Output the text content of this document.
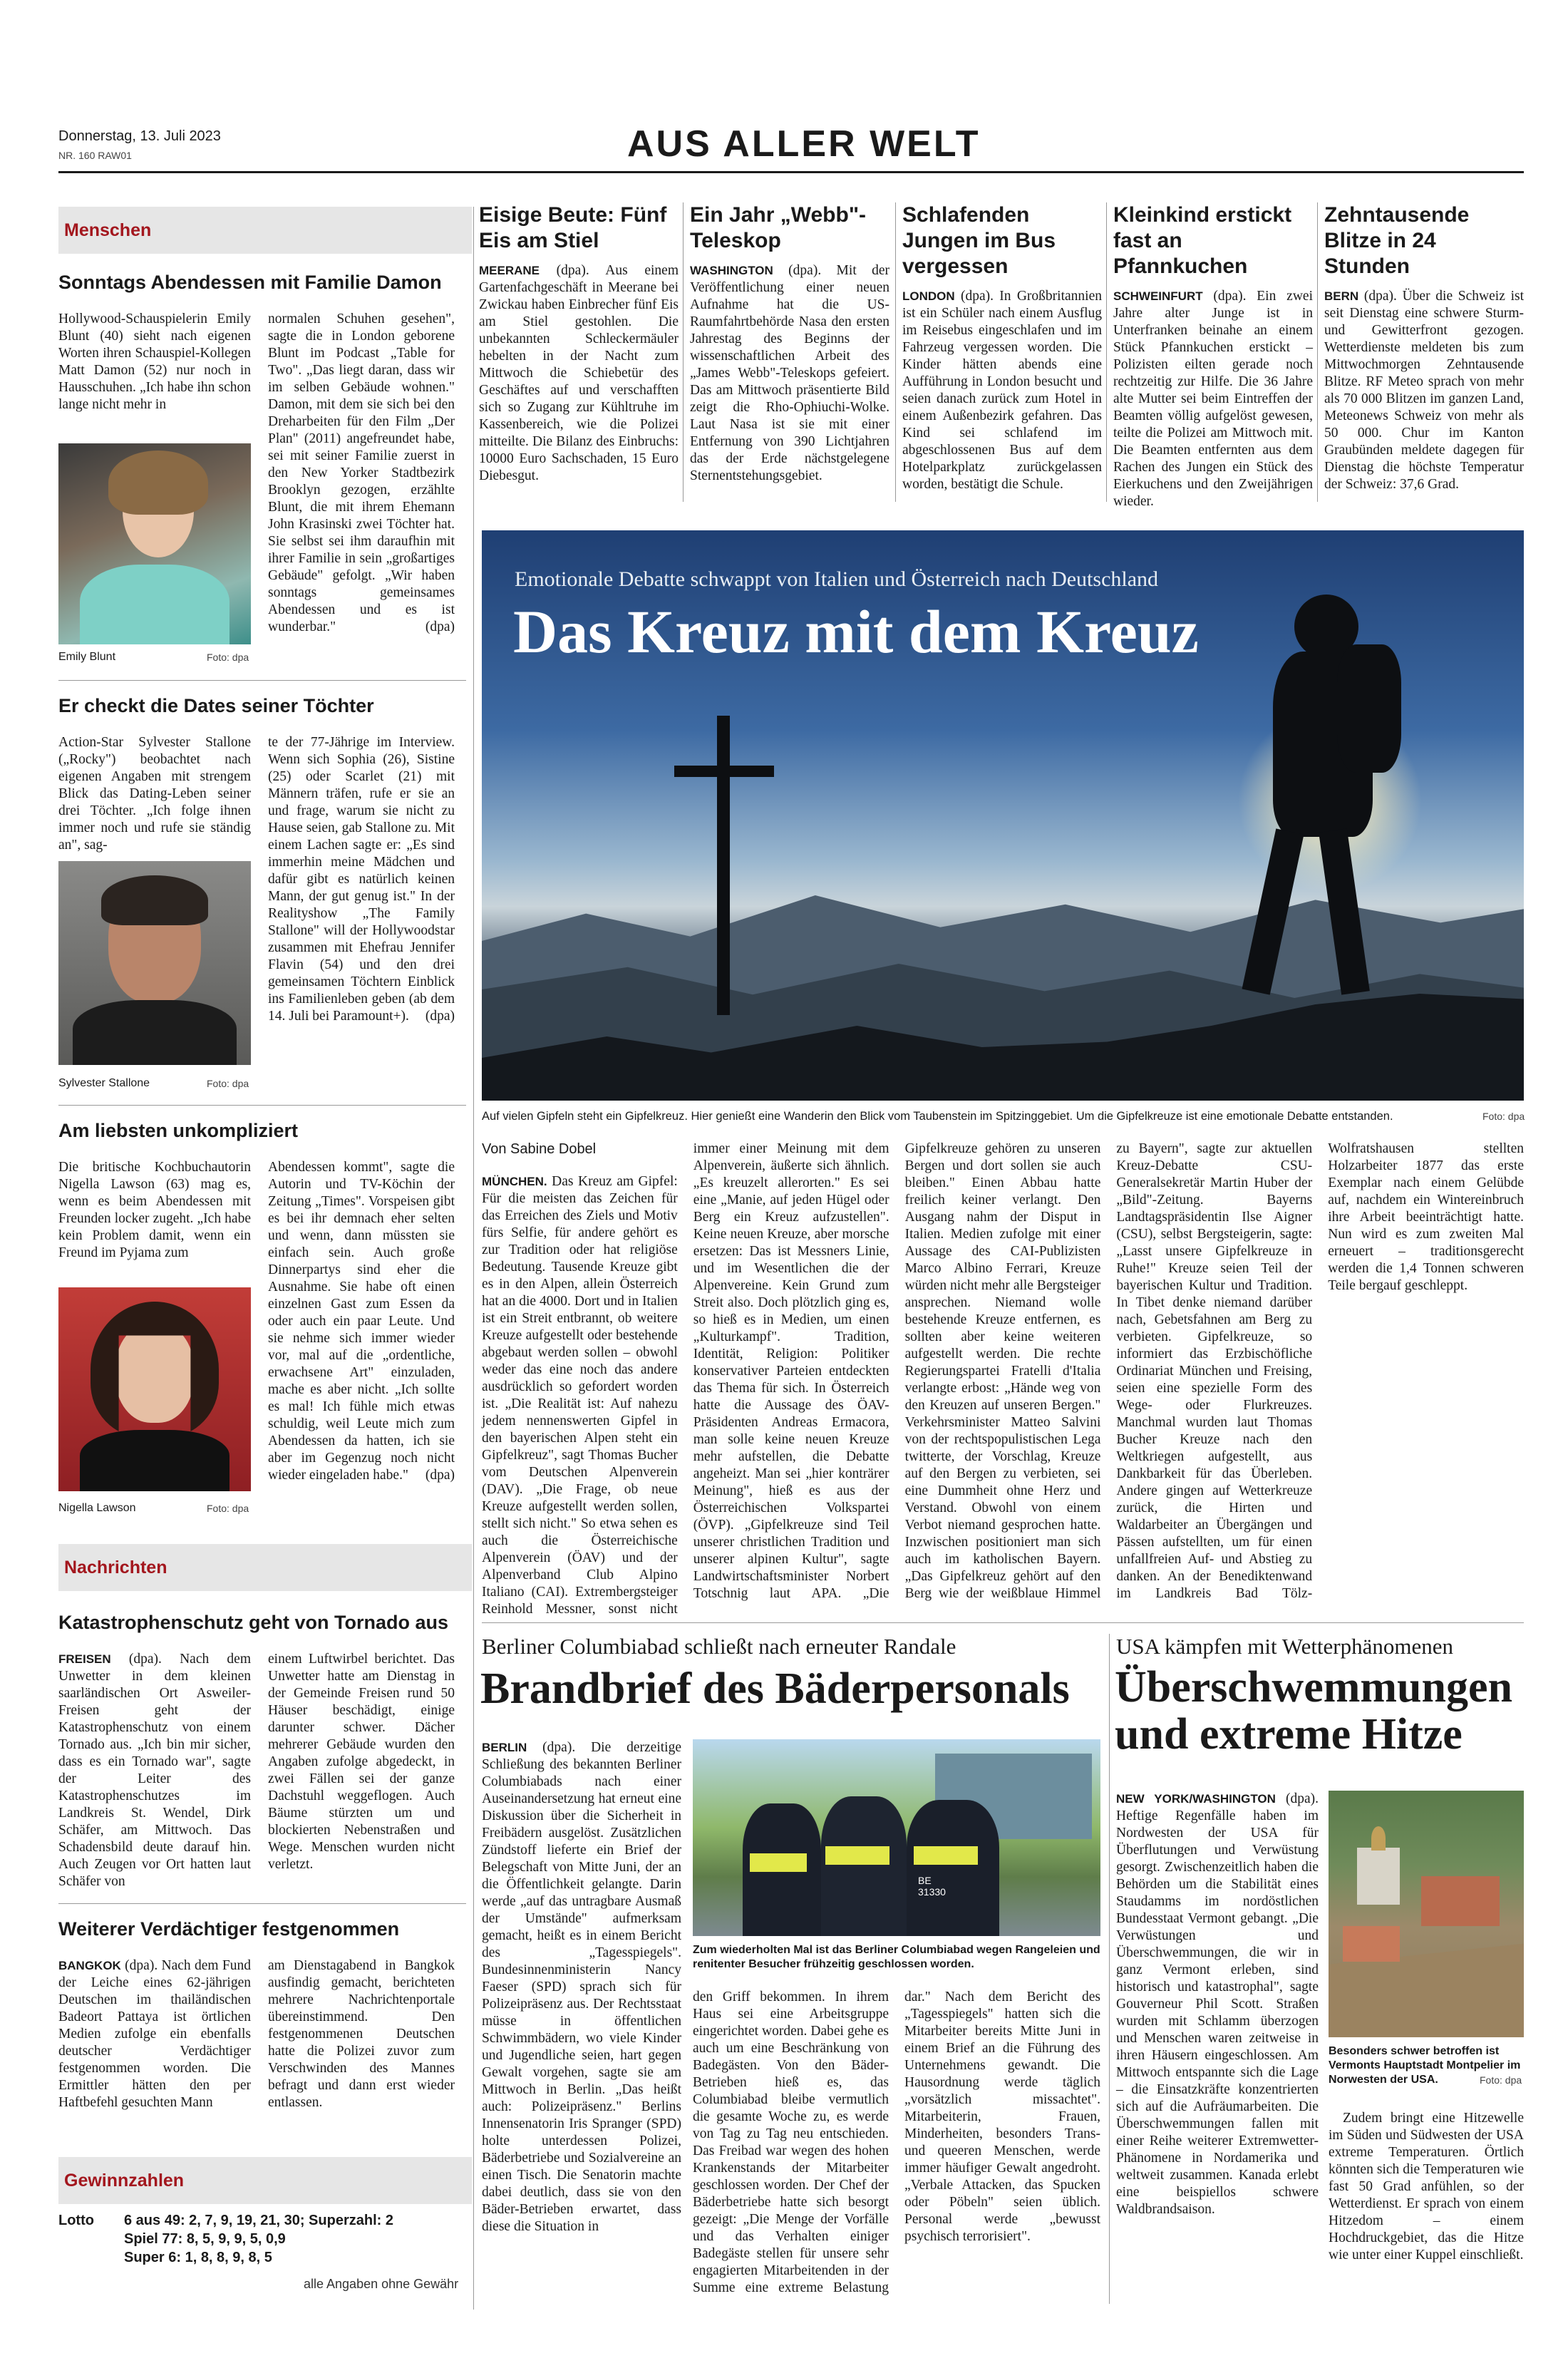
Donnerstag, 13. Juli 2023
NR. 160 RAW01	AUS ALLER WELT
Menschen
Sonntags Abendessen mit Familie Damon
Hollywood-Schauspielerin Emily Blunt (40) sieht nach eigenen Worten ihren Schauspiel-Kollegen Matt Damon (52) nur noch in Hausschuhen. „Ich habe ihn schon lange nicht mehr in
Emily Blunt	Foto: dpa
normalen Schuhen gesehen", sagte die in London geborene Blunt im Podcast „Table for Two". „Das liegt daran, dass wir im selben Gebäude wohnen." Damon, mit dem sie sich bei den Dreharbeiten für den Film „Der Plan" (2011) angefreundet habe, sei mit seiner Familie zuerst in den New Yorker Stadtbezirk Brooklyn gezogen, erzählte Blunt, die mit ihrem Ehemann John Krasinski zwei Töchter hat. Sie selbst sei ihm daraufhin mit ihrer Familie in sein „großartiges Gebäude" gefolgt. „Wir haben sonntags gemeinsames Abendessen und es ist wunderbar."	(dpa)
Er checkt die Dates seiner Töchter
Action-Star Sylvester Stallone („Rocky") beobachtet nach eigenen Angaben mit strengem Blick das Dating-Leben seiner drei Töchter. „Ich folge ihnen immer noch und rufe sie ständig an", sag-
Sylvester Stallone	Foto: dpa
te der 77-Jährige im Interview. Wenn sich Sophia (26), Sistine (25) oder Scarlet (21) mit Männern träfen, rufe er sie an und frage, warum sie nicht zu Hause seien, gab Stallone zu. Mit einem Lachen sagte er: „Es sind immerhin meine Mädchen und dafür gibt es natürlich keinen Mann, der gut genug ist." In der Realityshow „The Family Stallone" will der Hollywoodstar zusammen mit Ehefrau Jennifer Flavin (54) und den drei gemeinsamen Töchtern Einblick ins Familienleben geben (ab dem 14. Juli bei Paramount+). (dpa)
Am liebsten unkompliziert
Die britische Kochbuchautorin Nigella Lawson (63) mag es, wenn es beim Abendessen mit Freunden locker zugeht. „Ich habe kein Problem damit, wenn ein Freund im Pyjama zum
Nigella Lawson	Foto: dpa
Abendessen kommt", sagte die Autorin und TV-Köchin der Zeitung „Times". Vorspeisen gibt es bei ihr demnach eher selten und wenn, dann müssten sie einfach sein. Auch große Dinnerpartys sind eher die Ausnahme. Sie habe oft einen einzelnen Gast zum Essen da oder auch ein paar Leute. Und sie nehme sich immer wieder vor, mal auf die „ordentliche, erwachsene Art" einzuladen, mache es aber nicht. „Ich sollte es mal! Ich fühle mich etwas schuldig, weil Leute mich zum Abendessen da hatten, ich sie aber im Gegenzug noch nicht wieder eingeladen habe." (dpa)
Nachrichten
Katastrophenschutz geht von Tornado aus
FREISEN (dpa). Nach dem Unwetter in dem kleinen saarländischen Ort Asweiler-Freisen geht der Katastrophenschutz von einem Tornado aus. „Ich bin mir sicher, dass es ein Tornado war", sagte der Leiter des Katastrophenschutzes im Landkreis St. Wendel, Dirk Schäfer, am Mittwoch. Das Schadensbild deute darauf hin. Auch Zeugen vor Ort hatten laut Schäfer von
einem Luftwirbel berichtet. Das Unwetter hatte am Dienstag in der Gemeinde Freisen rund 50 Häuser beschädigt, einige darunter schwer. Dächer mehrerer Gebäude wurden den Angaben zufolge abgedeckt, in zwei Fällen sei der ganze Dachstuhl weggeflogen. Auch Bäume stürzten um und blockierten Nebenstraßen und Wege. Menschen wurden nicht verletzt.
Weiterer Verdächtiger festgenommen
BANGKOK (dpa). Nach dem Fund der Leiche eines 62-jährigen Deutschen im thailändischen Badeort Pattaya ist örtlichen Medien zufolge ein ebenfalls deutscher Verdächtiger festgenommen worden. Die Ermittler hätten den per Haftbefehl gesuchten Mann
am Dienstagabend in Bangkok ausfindig gemacht, berichteten mehrere Nachrichtenportale übereinstimmend. Den festgenommenen Deutschen hatte die Polizei zuvor zum Verschwinden des Mannes befragt und dann erst wieder entlassen.
Gewinnzahlen
Lotto 6 aus 49: 2, 7, 9, 19, 21, 30; Superzahl: 2
Spiel 77: 8, 5, 9, 9, 5, 0,9
Super 6: 1, 8, 8, 9, 8, 5
alle Angaben ohne Gewähr
Eisige Beute: Fünf Eis am Stiel
MEERANE (dpa). Aus einem Gartenfachgeschäft in Meerane bei Zwickau haben Einbrecher fünf Eis am Stiel gestohlen. Die unbekannten Schleckermäuler hebelten in der Nacht zum Mittwoch die Schiebetür des Geschäftes auf und verschafften sich so Zugang zur Kühltruhe im Kassenbereich, wie die Polizei mitteilte. Die Bilanz des Einbruchs: 10000 Euro Sachschaden, 15 Euro Diebesgut.
Ein Jahr „Webb"-Teleskop
WASHINGTON (dpa). Mit der Veröffentlichung einer neuen Aufnahme hat die US-Raumfahrtbehörde Nasa den ersten Jahrestag des Beginns der wissenschaftlichen Arbeit des „James Webb"-Teleskops gefeiert. Das am Mittwoch präsentierte Bild zeigt die Rho-Ophiuchi-Wolke. Laut Nasa ist sie mit einer Entfernung von 390 Lichtjahren das der Erde nächstgelegene Sternentstehungsgebiet.
Schlafenden Jungen im Bus vergessen
LONDON (dpa). In Großbritannien ist ein Schüler nach einem Ausflug im Reisebus eingeschlafen und im Fahrzeug vergessen worden. Die Kinder hätten abends eine Aufführung in London besucht und seien danach zurück zum Hotel in einem Außenbezirk gefahren. Das Kind sei schlafend im abgeschlossenen Bus auf dem Hotelparkplatz zurückgelassen worden, bestätigt die Schule.
Kleinkind erstickt fast an Pfannkuchen
SCHWEINFURT (dpa). Ein zwei Jahre alter Junge ist in Unterfranken beinahe an einem Stück Pfannkuchen erstickt – Polizisten eilten gerade noch rechtzeitig zur Hilfe. Die 36 Jahre alte Mutter sei beim Eintreffen der Beamten völlig aufgelöst gewesen, teilte die Polizei am Mittwoch mit. Die Beamten entfernten aus dem Rachen des Jungen ein Stück des Eierkuchens und den Zweijährigen wieder.
Zehntausende Blitze in 24 Stunden
BERN (dpa). Über die Schweiz ist seit Dienstag eine schwere Sturm- und Gewitterfront gezogen. Wetterdienste meldeten bis zum Mittwochmorgen Zehntausende Blitze. RF Meteo sprach von mehr als 70 000 Blitzen im ganzen Land, Meteonews Schweiz von mehr als 50 000. Chur im Kanton Graubünden meldete dagegen für Dienstag die höchste Temperatur der Schweiz: 37,6 Grad.
Emotionale Debatte schwappt von Italien und Österreich nach Deutschland
Das Kreuz mit dem Kreuz
Auf vielen Gipfeln steht ein Gipfelkreuz. Hier genießt eine Wanderin den Blick vom Taubenstein im Spitzinggebiet. Um die Gipfelkreuze ist eine emotionale Debatte entstanden.	Foto: dpa
Von Sabine Dobel
MÜNCHEN. Das Kreuz am Gipfel: Für die meisten das Zeichen für das Erreichen des Ziels und Motiv fürs Selfie, für andere gehört es zur Tradition oder hat religiöse Bedeutung. Tausende Kreuze gibt es in den Alpen, allein Österreich hat an die 4000. Dort und in Italien ist ein Streit entbrannt, ob weitere Kreuze aufgestellt oder bestehende abgebaut werden sollen – obwohl weder das eine noch das andere ausdrücklich so gefordert worden ist. „Die Realität ist: Auf nahezu jedem nennenswerten Gipfel in den bayerischen Alpen steht ein Gipfelkreuz", sagt Thomas Bucher vom Deutschen Alpenverein (DAV). „Die Frage, ob neue Kreuze aufgestellt werden sollen, stellt sich nicht." So etwa sehen es auch die Österreichische Alpenverein (ÖAV) und der Alpenverband Club Alpino Italiano (CAI). Extrembergsteiger Reinhold Messner, sonst nicht immer einer Meinung mit dem Alpenverein, äußerte sich ähnlich. „Es kreuzelt allerorten." Es sei eine „Manie, auf jeden Hügel oder Berg ein Kreuz aufzustellen". Keine neuen Kreuze, aber morsche ersetzen: Das ist Messners Linie, und im Wesentlichen die der Alpenvereine. Kein Grund zum Streit also. Doch plötzlich ging es, so hieß es in Medien, um einen „Kulturkampf". Tradition, Identität, Religion: Politiker konservativer Parteien entdeckten das Thema für sich. In Österreich hatte die Aussage des ÖAV-Präsidenten Andreas Ermacora, man solle keine neuen Kreuze mehr aufstellen, die Debatte angeheizt. Man sei „hier konträrer Meinung", hieß es aus der Österreichischen Volkspartei (ÖVP). „Gipfelkreuze sind Teil unserer christlichen Tradition und unserer alpinen Kultur", sagte Landwirtschaftsminister Norbert Totschnig laut APA. „Die Gipfelkreuze gehören zu unseren Bergen und dort sollen sie auch bleiben." Einen Abbau hatte freilich keiner verlangt. Den Ausgang nahm der Disput in Italien. Medien zufolge mit einer Aussage des CAI-Publizisten Marco Albino Ferrari, Kreuze würden nicht mehr alle Bergsteiger ansprechen. Niemand wolle bestehende Kreuze entfernen, es sollten aber keine weiteren aufgestellt werden. Die rechte Regierungspartei Fratelli d'Italia verlangte erbost: „Hände weg von den Kreuzen auf unseren Bergen." Verkehrsminister Matteo Salvini von der rechtspopulistischen Lega twitterte, der Vorschlag, Kreuze auf den Bergen zu verbieten, sei eine Dummheit ohne Herz und Verstand. Obwohl von einem Verbot niemand gesprochen hatte. Inzwischen positioniert man sich auch im katholischen Bayern. „Das Gipfelkreuz gehört auf den Berg wie der weißblaue Himmel zu Bayern", sagte zur aktuellen Kreuz-Debatte CSU-Generalsekretär Martin Huber der „Bild"-Zeitung. Bayerns Landtagspräsidentin Ilse Aigner (CSU), selbst Bergsteigerin, sagte: „Lasst unsere Gipfelkreuze in Ruhe!" Kreuze seien Teil der bayerischen Kultur und Tradition. In Tibet denke niemand darüber nach, Gebetsfahnen am Berg zu verbieten. Gipfelkreuze, so informiert das Erzbischöfliche Ordinariat München und Freising, seien eine spezielle Form des Wege- oder Flurkreuzes. Manchmal wurden laut Thomas Bucher Kreuze nach den Weltkriegen aufgestellt, aus Dankbarkeit für das Überleben. Andere gingen auf Wetterkreuze zurück, die Hirten und Waldarbeiter an Übergängen und Pässen aufstellten, um für einen unfallfreien Auf- und Abstieg zu danken. An der Benediktenwand im Landkreis Bad Tölz-Wolfratshausen stellten Holzarbeiter 1877 das erste Exemplar nach einem Gelübde auf, nachdem ein Wintereinbruch ihre Arbeit beeinträchtigt hatte. Nun wird es zum zweiten Mal erneuert – traditionsgerecht werden die 1,4 Tonnen schweren Teile bergauf geschleppt.
Berliner Columbiabad schließt nach erneuter Randale
Brandbrief des Bäderpersonals
BERLIN (dpa). Die derzeitige Schließung des bekannten Berliner Columbiabads nach einer Auseinandersetzung hat erneut eine Diskussion über die Sicherheit in Freibädern ausgelöst. Zusätzlichen Zündstoff lieferte ein Brief der Belegschaft von Mitte Juni, der an die Öffentlichkeit gelangte. Darin werde „auf das untragbare Ausmaß der Umstände" aufmerksam gemacht, heißt es in einem Bericht des „Tagesspiegels". Bundesinnenministerin Nancy Faeser (SPD) sprach sich für Polizeipräsenz aus. Der Rechtsstaat müsse in öffentlichen Schwimmbädern, wo viele Kinder und Jugendliche seien, hart gegen Gewalt vorgehen, sagte sie am Mittwoch in Berlin. „Das heißt auch: Polizeipräsenz." Berlins Innensenatorin Iris Spranger (SPD) holte unterdessen Polizei, Bäderbetriebe und Sozialvereine an einen Tisch. Die Senatorin machte dabei deutlich, dass sie von den Bäder-Betrieben erwartet, dass diese die Situation in
BE 31330
Zum wiederholten Mal ist das Berliner Columbiabad wegen Rangeleien und renitenter Besucher frühzeitig geschlossen worden.
den Griff bekommen. In ihrem Haus sei eine Arbeitsgruppe eingerichtet worden. Dabei gehe es auch um eine Beschränkung von Badegästen. Von den Bäder-Betrieben hieß es, das Columbiabad bleibe vermutlich die gesamte Woche zu, es werde von Tag zu Tag neu entschieden. Das Freibad war wegen des hohen Krankenstands der Mitarbeiter geschlossen worden. Der Chef der Bäderbetriebe hatte sich besorgt gezeigt: „Die Menge der Vorfälle und das Verhalten einiger Badegäste stellen für unsere sehr engagierten Mitarbeitenden in der Summe eine extreme Belastung dar." Nach dem Bericht des „Tagesspiegels" hatten sich die Mitarbeiter bereits Mitte Juni in einem Brief an die Führung des Unternehmens gewandt. Die Hausordnung werde täglich „vorsätzlich missachtet". Mitarbeiterin, Frauen, Minderheiten, besonders Trans- und queeren Menschen, werde immer häufiger Gewalt angedroht. „Verbale Attacken, das Spucken oder Pöbeln" seien üblich. Personal werde „bewusst psychisch terrorisiert".
USA kämpfen mit Wetterphänomenen
Überschwemmungen und extreme Hitze
NEW YORK/WASHINGTON (dpa). Heftige Regenfälle haben im Nordwesten der USA für Überflutungen und Verwüstung gesorgt. Zwischenzeitlich haben die Behörden um die Stabilität eines Staudamms im nordöstlichen Bundesstaat Vermont gebangt. „Die Verwüstungen und Überschwemmungen, die wir in ganz Vermont erleben, sind historisch und katastrophal", sagte Gouverneur Phil Scott. Straßen wurden mit Schlamm überzogen und Menschen waren zeitweise in ihren Häusern eingeschlossen. Am Mittwoch entspannte sich die Lage – die Einsatzkräfte konzentrierten sich auf die Aufräumarbeiten. Die Überschwemmungen fallen mit einer Reihe weiterer Extremwetter-Phänomene in Nordamerika und weltweit zusammen. Kanada erlebt eine beispiellos schwere Waldbrandsaison.
Besonders schwer betroffen ist Vermonts Hauptstadt Montpelier im Norwesten der USA.	Foto: dpa
Zudem bringt eine Hitzewelle im Süden und Südwesten der USA extreme Temperaturen. Örtlich könnten sich die Temperaturen wie fast 50 Grad anfühlen, so der Wetterdienst. Er sprach von einem Hitzedom – einem Hochdruckgebiet, das die Hitze wie unter einer Kuppel einschließt.
